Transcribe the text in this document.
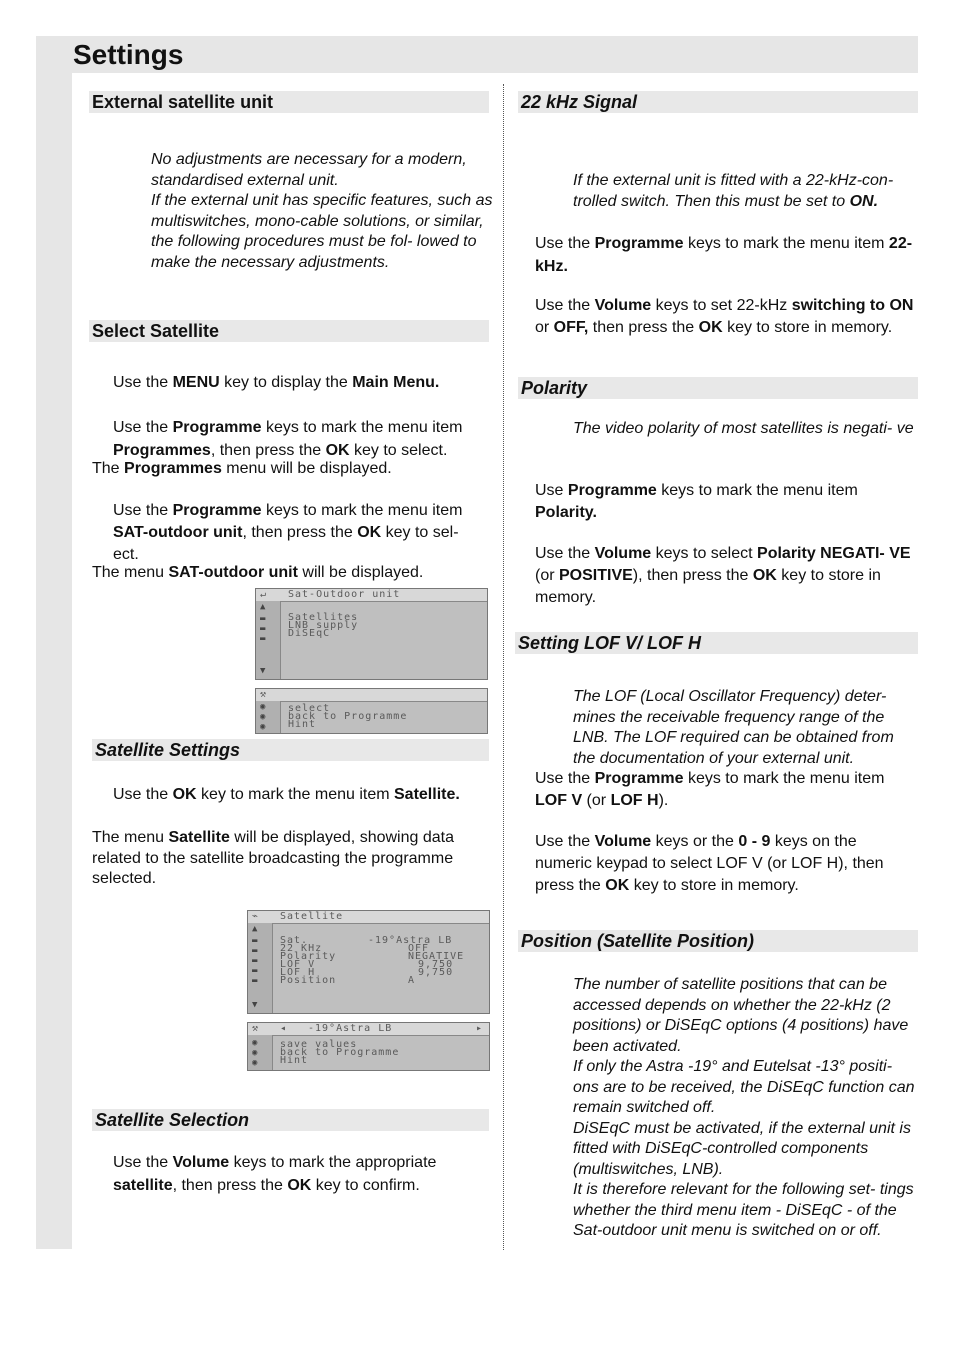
Settings
External satellite unit
No adjustments are necessary for a modern, standardised external unit.
If the external unit has specific features, such as multiswitches, mono-cable solutions, or similar, the following procedures must be fol- lowed to make the necessary adjustments.
Select Satellite

Use the MENU key to display the Main Menu.

Use the Programme keys to mark the menu item Programmes, then press the OK key to select.

The Programmes menu will be displayed.

Use the Programme keys to mark the menu item SAT-outdoor unit, then press the OK key to sel- ect.

The menu SAT-outdoor unit will be displayed.

↵ Sat-Outdoor unit
▲
▬
▬
▬
▼
Satellites
LNB supply
DiSEqC
⚒
◉
◉
◉
select
back to Programme
Hint
Satellite Settings

Use the OK key to mark the menu item Satellite.

The menu Satellite will be displayed, showing data related to the satellite broadcasting the programme selected.

⌁ Satellite
▲
▬
▬
▬
▬
▬
▼
Sat.	-19°Astra LB
22 KHz	OFF
Polarity	NEGATIVE
LOF V	9,750
LOF H	9,750
Position	A
⚒ ◂ -19°Astra LB	▸
◉
◉
◉
save values
back to Programme
Hint
Satellite Selection

Use the Volume keys to mark the appropriate satellite, then press the OK key to confirm.

22 kHz Signal

If the external unit is fitted with a 22-kHz-con- trolled switch. Then this must be set to ON.

Use the Programme keys to mark the menu item 22-kHz.

Use the Volume keys to set 22-kHz switching to ON or OFF, then press the OK key to store in memory.

Polarity

The video polarity of most satellites is negati- ve

Use Programme keys to mark the menu item Polarity.

Use the Volume keys to select Polarity NEGATI- VE (or POSITIVE), then press the OK key to store in memory.

Setting LOF V/ LOF H

The LOF (Local Oscillator Frequency) deter- mines the receivable frequency range of the LNB. The LOF required can be obtained from the documentation of your external unit.

Use the Programme keys to mark the menu item LOF V (or LOF H).

Use the Volume keys or the 0 - 9 keys on the numeric keypad to select LOF V (or LOF H), then press the OK key to store in memory.

Position (Satellite Position)
The number of satellite positions that can be accessed depends on whether the 22-kHz (2 positions) or DiSEqC options (4 positions) have been activated.
If only the Astra -19° and Eutelsat -13° positi- ons are to be received, the DiSEqC function can remain switched off.
DiSEqC must be activated, if the external unit is fitted with DiSEqC-controlled components (multiswitches, LNB).
It is therefore relevant for the following set- tings whether the third menu item - DiSEqC - of the Sat-outdoor unit menu is switched on or off.
